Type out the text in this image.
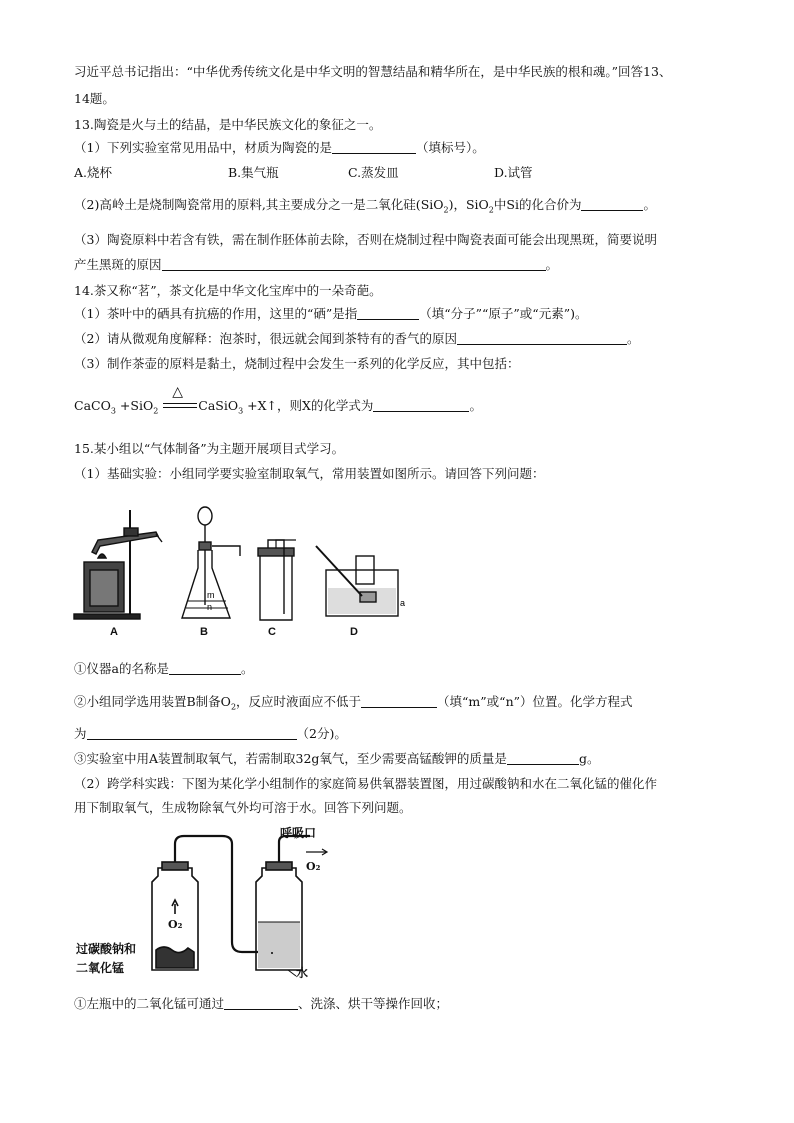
习近平总书记指出：“中华优秀传统文化是中华文明的智慧结晶和精华所在，是中华民族的根和魂。”回答13、
14题。
13.陶瓷是火与土的结晶，是中华民族文化的象征之一。
（1）下列实验室常见用品中，材质为陶瓷的是	（填标号）。
A.烧杯	B.集气瓶	C.蒸发皿	D.试管
（2)高岭土是烧制陶瓷常用的原料,其主要成分之一是二氧化硅(SiO$_2$)，SiO$_2$中Si的化合价为	。
（3）陶瓷原料中若含有铁，需在制作胚体前去除，否则在烧制过程中陶瓷表面可能会出现黑斑，简要说明
产生黑斑的原因	。
14.茶又称“茗”，茶文化是中华文化宝库中的一朵奇葩。
（1）茶叶中的硒具有抗癌的作用，这里的“硒”是指	（填“分子”“原子”或“元素”)。
（2）请从微观角度解释：泡茶时，很远就会闻到茶特有的香气的原因	。
（3）制作茶壶的原料是黏土，烧制过程中会发生一系列的化学反应，其中包括：
CaCO$_3$ +SiO$_2$
△
CaSiO$_3$ +X↑，则X的化学式为	。
15.某小组以“气体制备”为主题开展项目式学习。
（1）基础实验：小组同学要实验室制取氧气，常用装置如图所示。请回答下列问题：
m
n	a
A	B	C	D
①仪器a的名称是	。
②小组同学选用装置B制备$O_2$，反应时液面应不低于	（填“m”或“n”）位置。化学方程式
为	（2分)。
③实验室中用A装置制取氧气，若需制取32g氧气，至少需要高锰酸钾的质量是	g。
（2）跨学科实践：下图为某化学小组制作的家庭简易供氧器装置图，用过碳酸钠和水在二氧化锰的催化作
用下制取氧气，生成物除氧气外均可溶于水。回答下列问题。
呼吸口
O₂
O₂
过碳酸钠和
二氧化锰	水
①左瓶中的二氧化锰可通过	、洗涤、烘干等操作回收；
